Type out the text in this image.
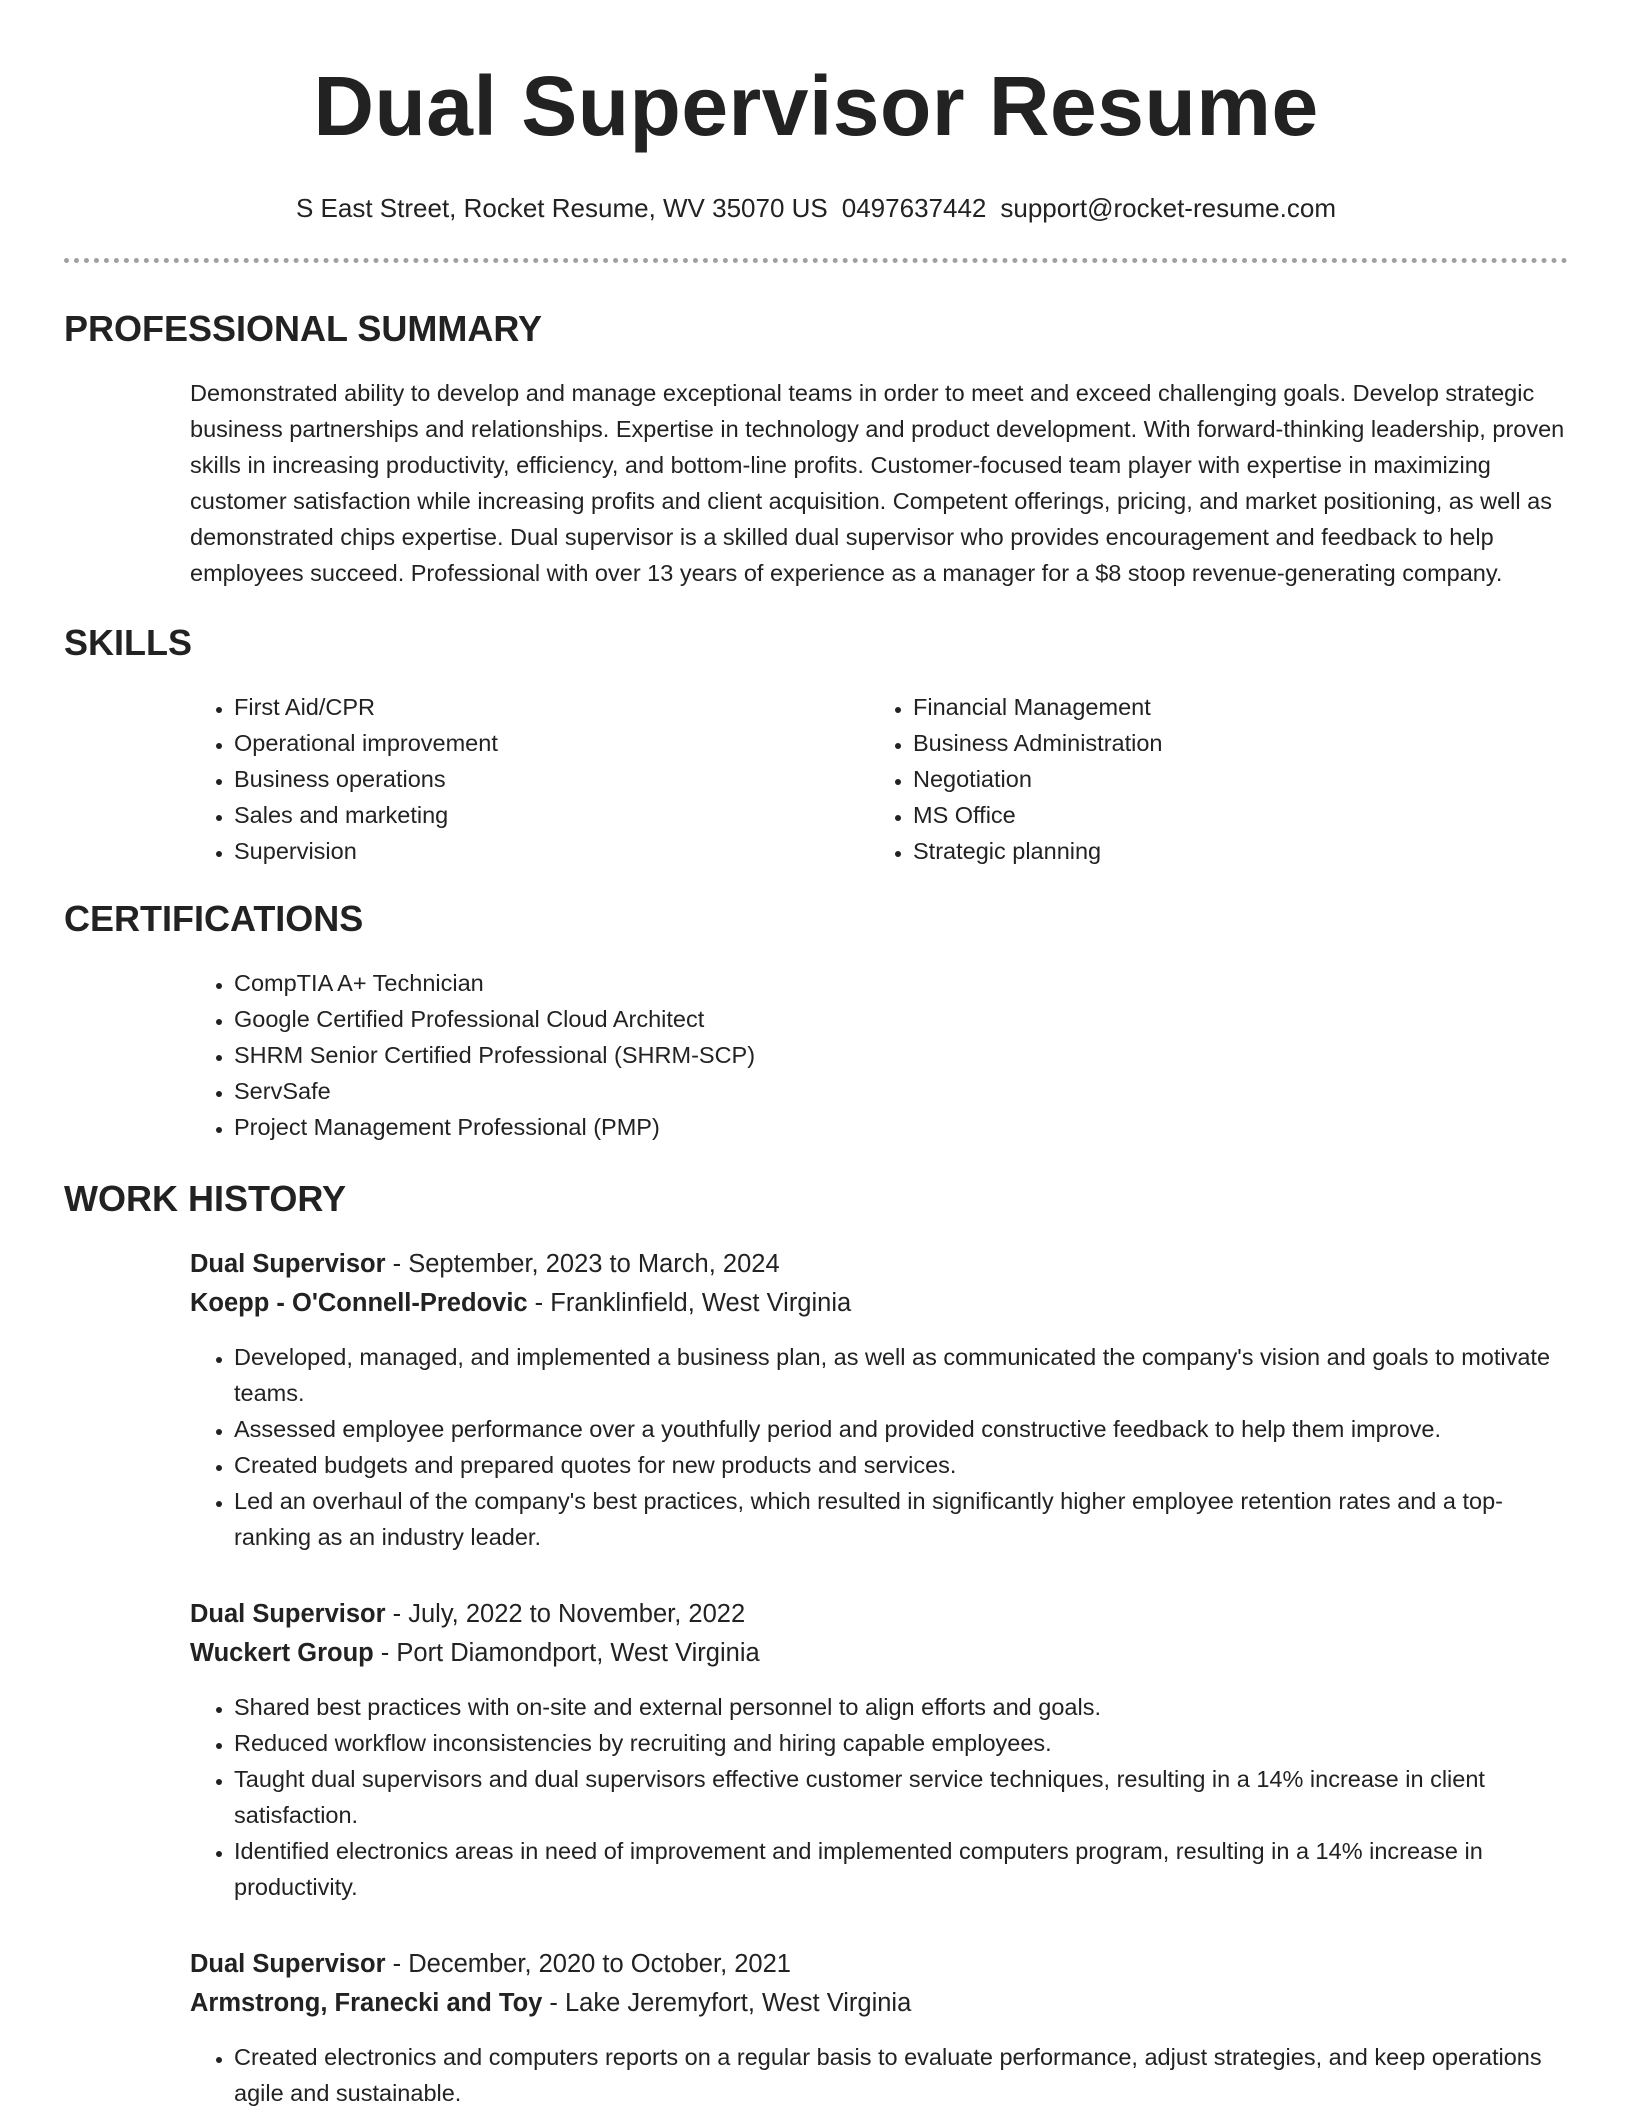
Dual Supervisor Resume
S East Street, Rocket Resume, WV 35070 US 0497637442 support@rocket-resume.com
PROFESSIONAL SUMMARY

Demonstrated ability to develop and manage exceptional teams in order to meet and exceed challenging goals. Develop strategic business partnerships and relationships. Expertise in technology and product development. With forward-thinking leadership, proven skills in increasing productivity, efficiency, and bottom-line profits. Customer-focused team player with expertise in maximizing customer satisfaction while increasing profits and client acquisition. Competent offerings, pricing, and market positioning, as well as demonstrated chips expertise. Dual supervisor is a skilled dual supervisor who provides encouragement and feedback to help employees succeed. Professional with over 13 years of experience as a manager for a $8 stoop revenue-generating company.

SKILLS
• First Aid/CPR
• Operational improvement
• Business operations
• Sales and marketing
• Supervision
• Financial Management
• Business Administration
• Negotiation
• MS Office
• Strategic planning
CERTIFICATIONS
• CompTIA A+ Technician
• Google Certified Professional Cloud Architect
• SHRM Senior Certified Professional (SHRM-SCP)
• ServSafe
• Project Management Professional (PMP)
WORK HISTORY
Dual Supervisor - September, 2023 to March, 2024
Koepp - O'Connell-Predovic - Franklinfield, West Virginia
• Developed, managed, and implemented a business plan, as well as communicated the company's vision and goals to motivate teams.
• Assessed employee performance over a youthfully period and provided constructive feedback to help them improve.
• Created budgets and prepared quotes for new products and services.
• Led an overhaul of the company's best practices, which resulted in significantly higher employee retention rates and a top-ranking as an industry leader.
Dual Supervisor - July, 2022 to November, 2022
Wuckert Group - Port Diamondport, West Virginia
• Shared best practices with on-site and external personnel to align efforts and goals.
• Reduced workflow inconsistencies by recruiting and hiring capable employees.
• Taught dual supervisors and dual supervisors effective customer service techniques, resulting in a 14% increase in client satisfaction.
• Identified electronics areas in need of improvement and implemented computers program, resulting in a 14% increase in productivity.
Dual Supervisor - December, 2020 to October, 2021
Armstrong, Franecki and Toy - Lake Jeremyfort, West Virginia
• Created electronics and computers reports on a regular basis to evaluate performance, adjust strategies, and keep operations agile and sustainable.
